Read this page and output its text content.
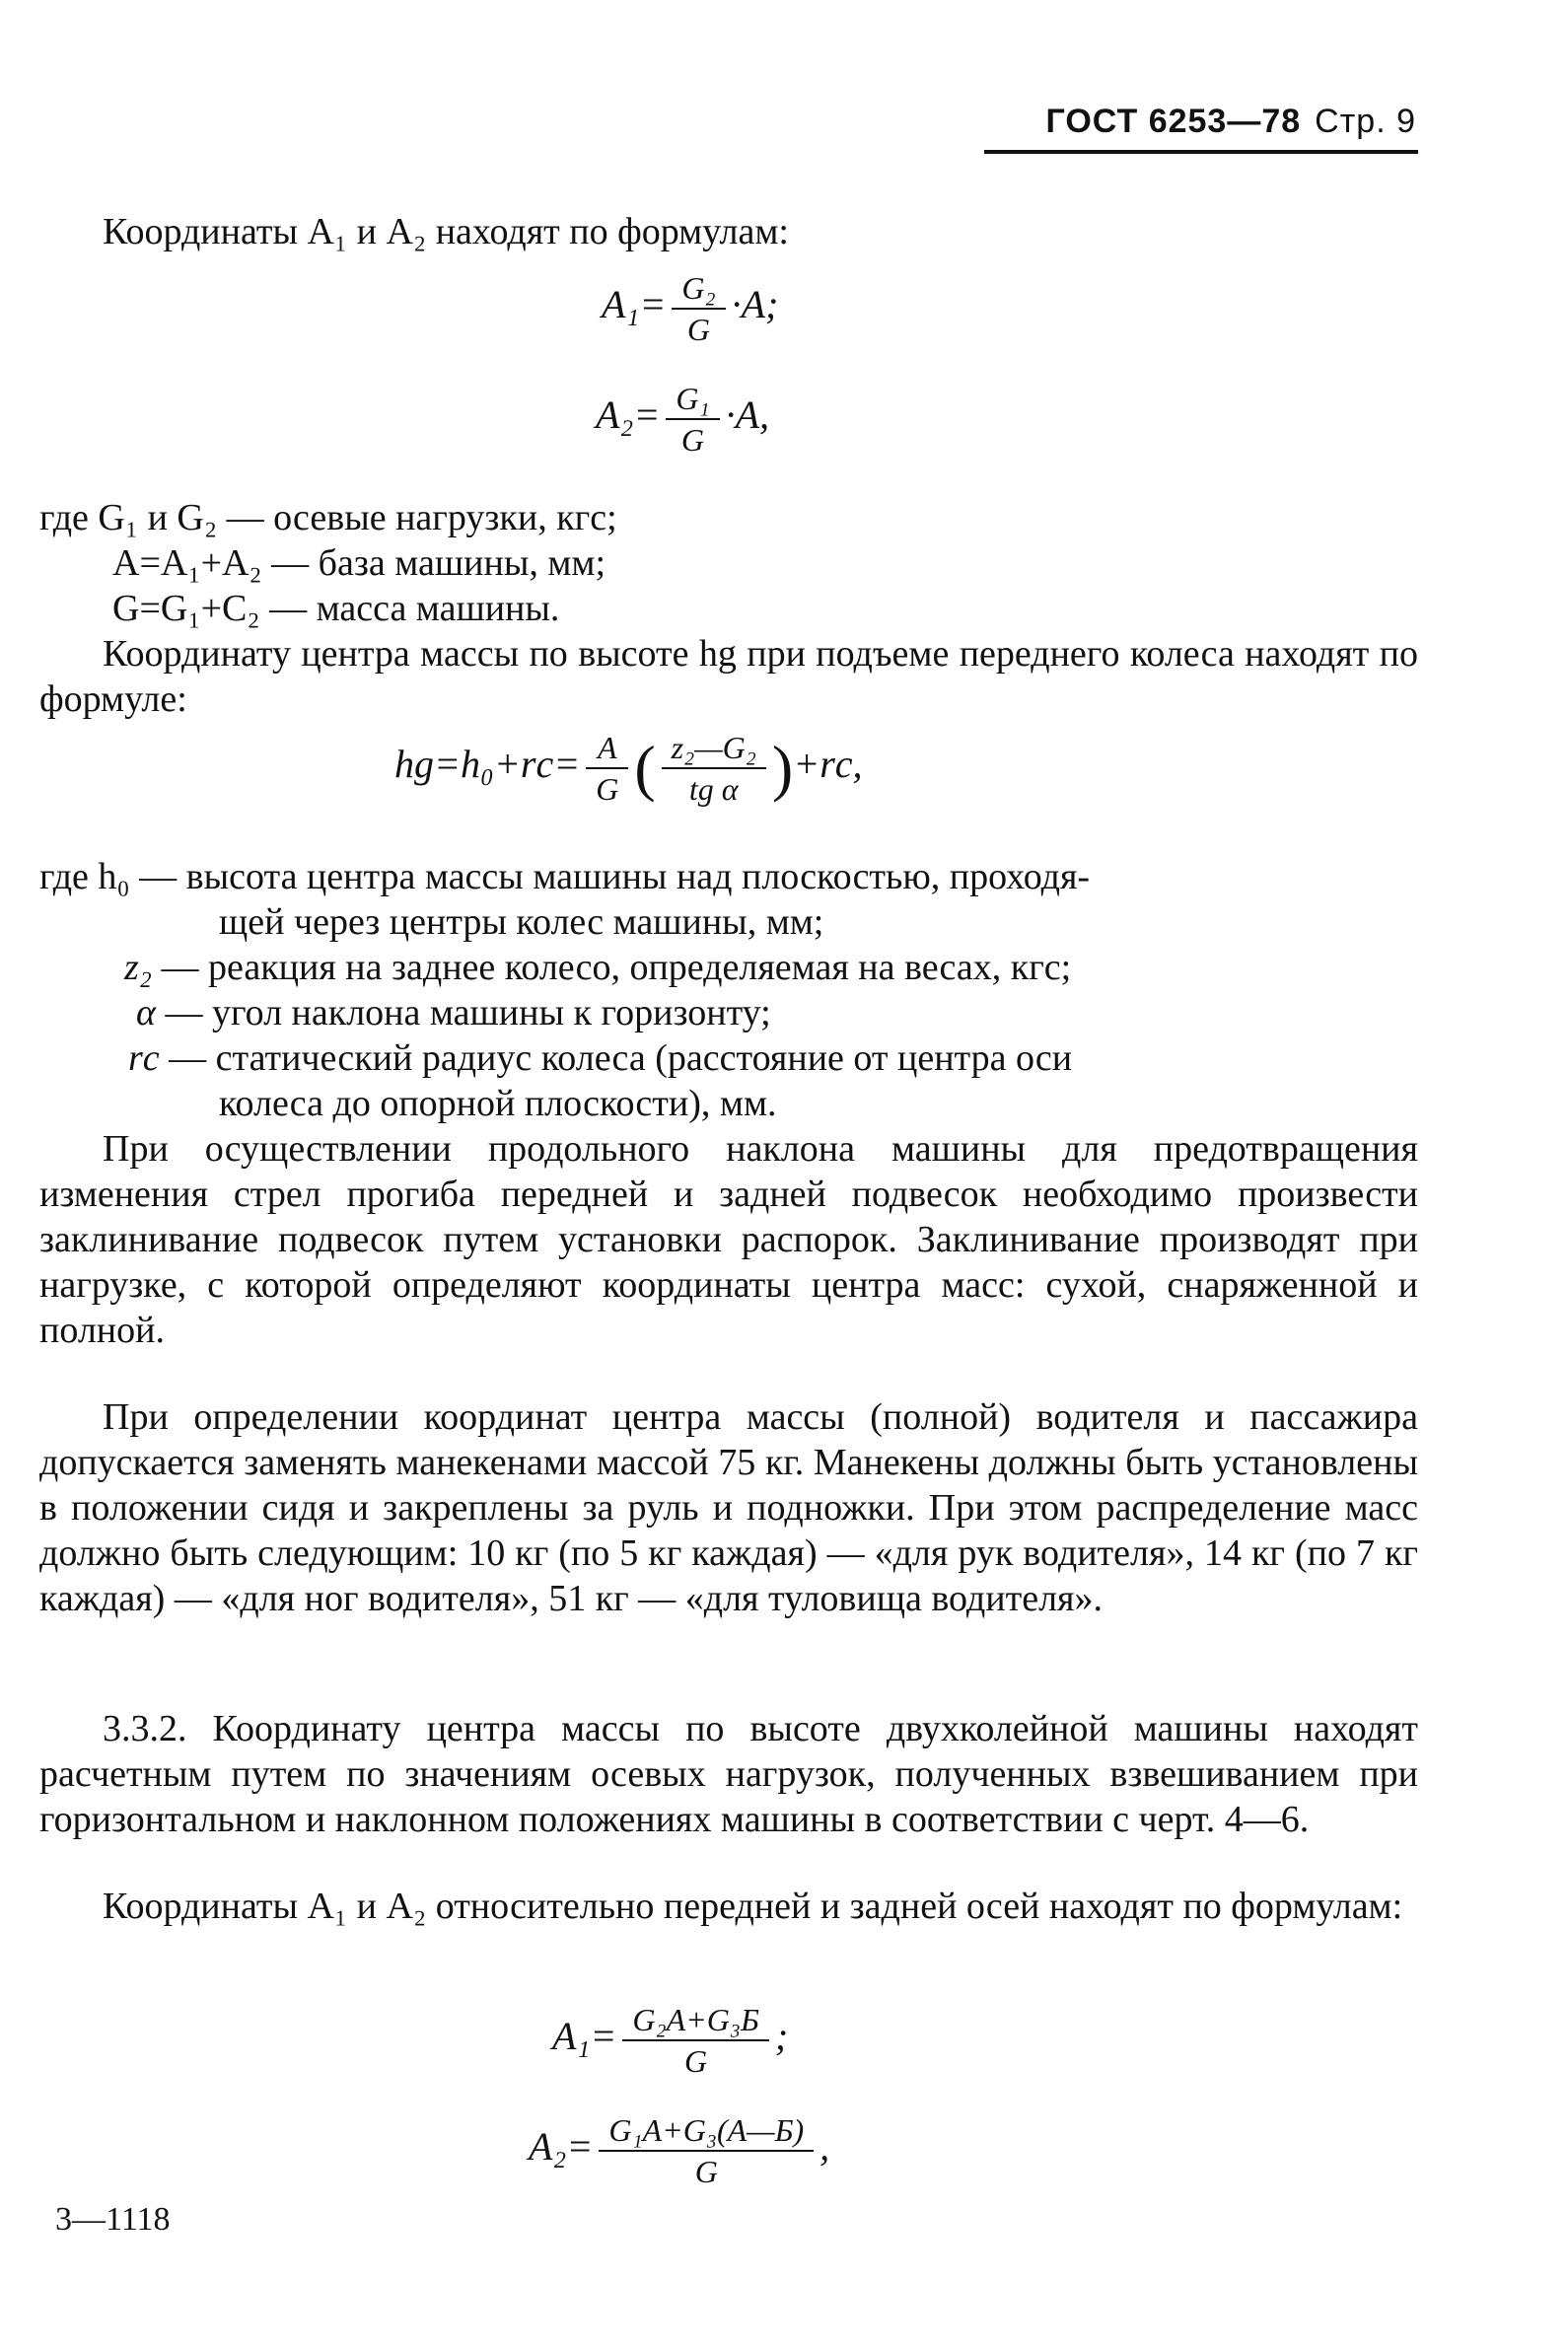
ГОСТ 6253—78 Стр. 9
Координаты A₁ и A₂ находят по формулам:
$A_1= \frac{\text{G₂}}{G} \cdot A$;
$A_2= \frac{\text{G₁}}{G} \cdot A$,
где G₁ и G₂ — осевые нагрузки, кгс;
A=A₁+A₂ — база машины, мм;
G=G₁+C₂ — масса машины.
Координату центра массы по высоте hg при подъеме переднего колеса находят по формуле:
$hg=h_0+rс= \frac{A}{G}$ ( $\frac{\text{z₂—G₂}}{\text{tg α}} )+rс$,
где h₀ — высота центра массы машины над плоскостью, проходя-
щей через центры колес машины, мм;
z₂ — реакция на заднее колесо, определяемая на весах, кгс;
α — угол наклона машины к горизонту;
rс — статический радиус колеса (расстояние от центра оси
колеса до опорной плоскости), мм.
При осуществлении продольного наклона машины для предотвращения изменения стрел прогиба передней и задней подвесок необходимо произвести заклинивание подвесок путем установки распорок. Заклинивание производят при нагрузке, с которой определяют координаты центра масс: сухой, снаряженной и полной.
При определении координат центра массы (полной) водителя и пассажира допускается заменять манекенами массой 75 кг. Манекены должны быть установлены в положении сидя и закреплены за руль и подножки. При этом распределение масс должно быть следующим: 10 кг (по 5 кг каждая) — «для рук водителя», 14 кг (по 7 кг каждая) — «для ног водителя», 51 кг — «для туловища водителя».
3.3.2. Координату центра массы по высоте двухколейной машины находят расчетным путем по значениям осевых нагрузок, полученных взвешиванием при горизонтальном и наклонном положениях машины в соответствии с черт. 4—6.
Координаты A₁ и A₂ относительно передней и задней осей находят по формулам:
$A_1= \frac{\text{G₂A+G₃Б}}{G}$ ;
$A_2= \frac{\text{G₁A+G₃(A—Б)}}{G}$ ,
3—1118
